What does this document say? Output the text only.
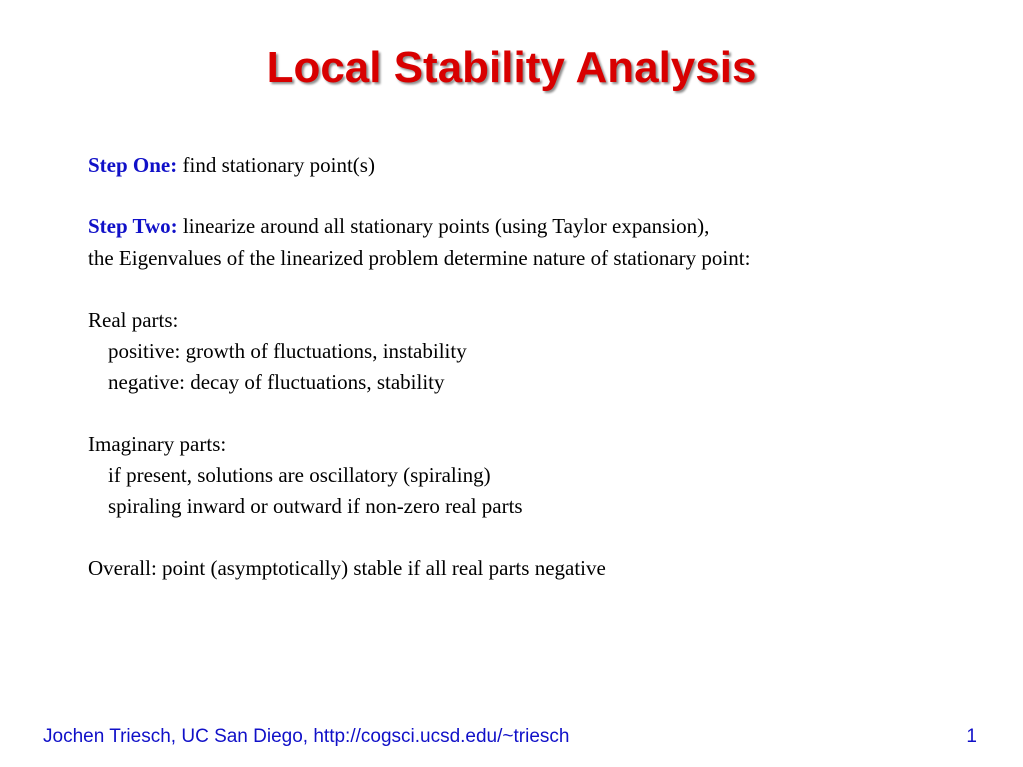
Local Stability Analysis
Step One: find stationary point(s)
Step Two: linearize around all stationary points (using Taylor expansion),
the Eigenvalues of the linearized problem determine nature of stationary point:
Real parts:
positive: growth of fluctuations, instability
negative: decay of fluctuations, stability
Imaginary parts:
if present, solutions are oscillatory (spiraling)
spiraling inward or outward if non-zero real parts
Overall: point (asymptotically) stable if all real parts negative
Jochen Triesch, UC San Diego, http://cogsci.ucsd.edu/~triesch	1
